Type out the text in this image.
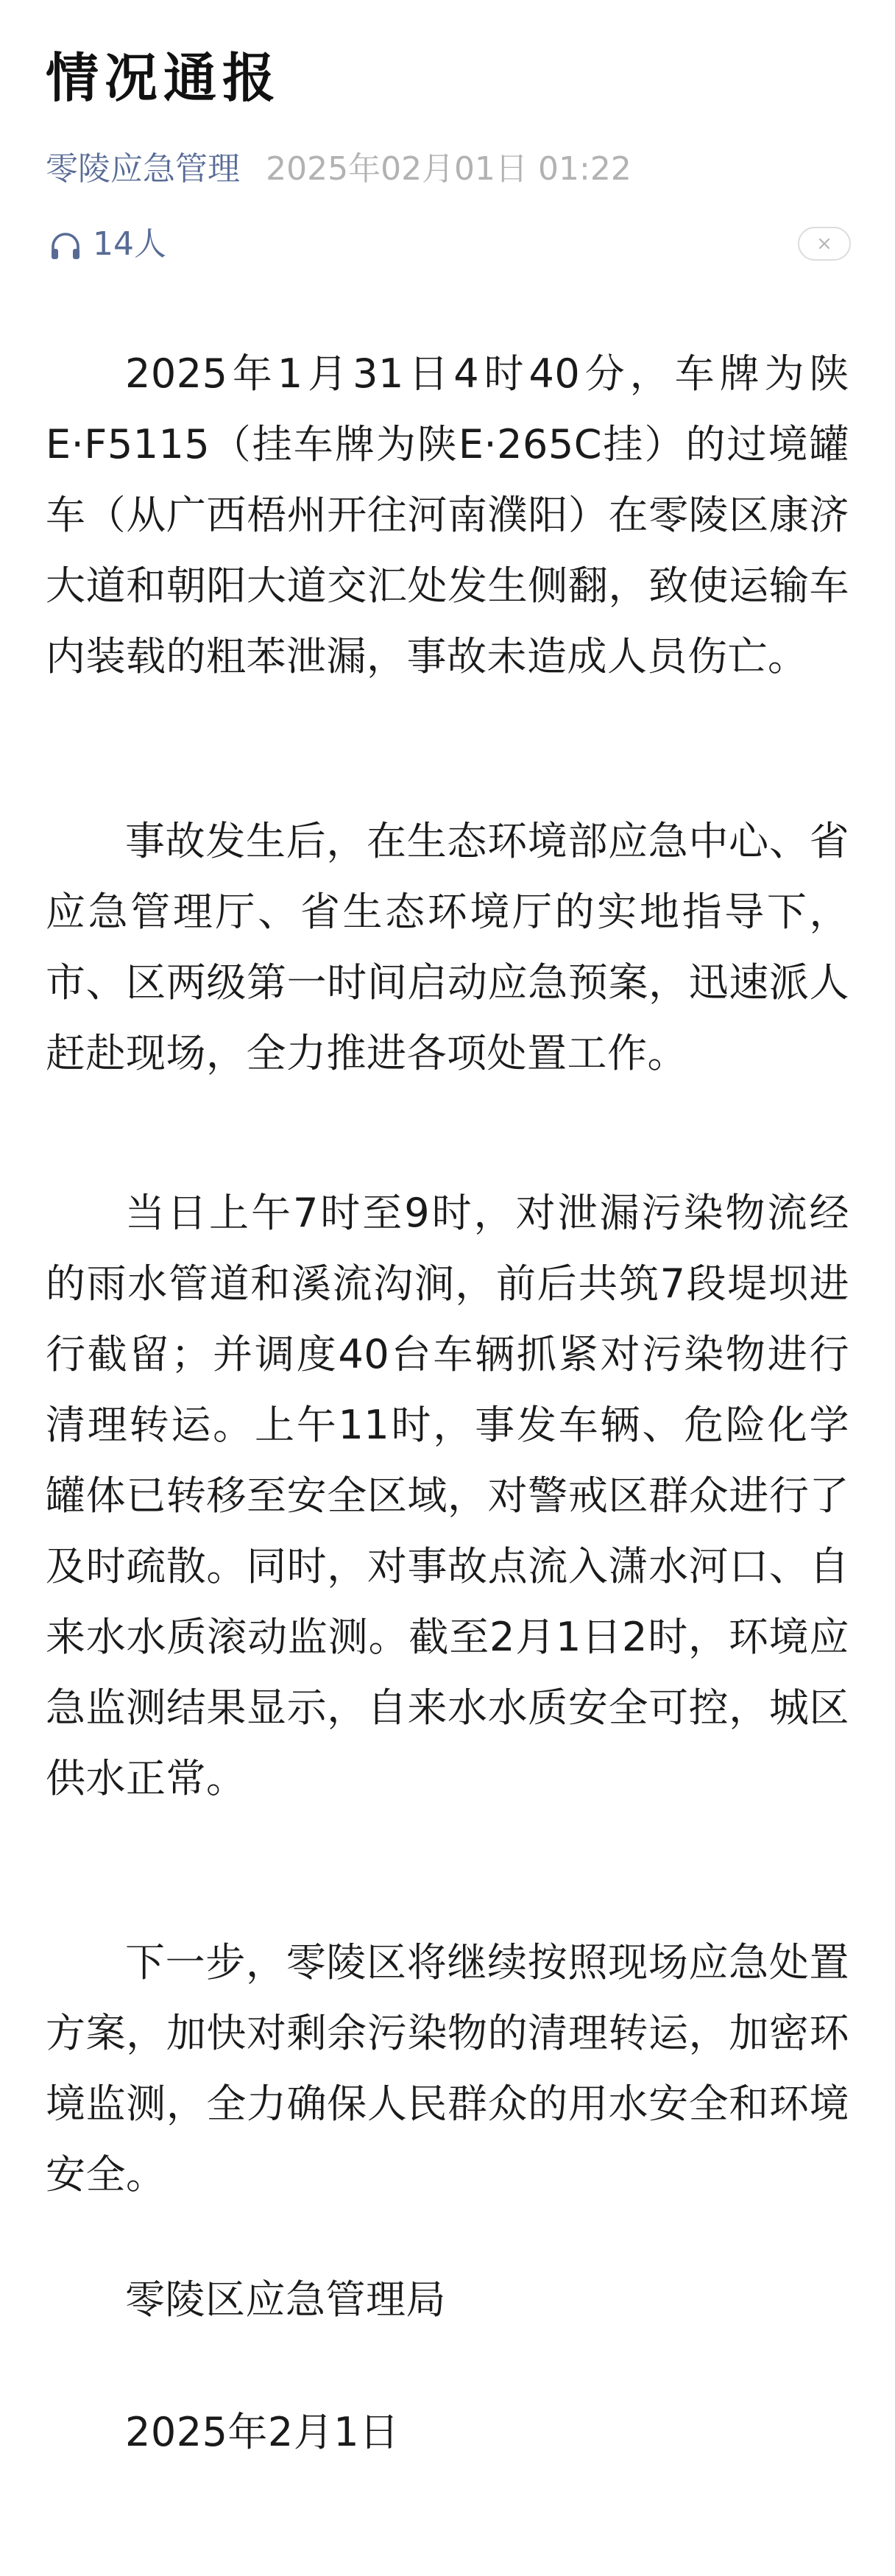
情况通报
零陵应急管理 2025年02月01日 01:22
14人

2025年1月31日4时40分，车牌为陕E·F5115（挂车牌为陕E·265C挂）的过境罐车（从广西梧州开往河南濮阳）在零陵区康济大道和朝阳大道交汇处发生侧翻，致使运输车内装载的粗苯泄漏，事故未造成人员伤亡。

事故发生后，在生态环境部应急中心、省应急管理厅、省生态环境厅的实地指导下，市、区两级第一时间启动应急预案，迅速派人赶赴现场，全力推进各项处置工作。

当日上午7时至9时，对泄漏污染物流经的雨水管道和溪流沟涧，前后共筑7段堤坝进行截留；并调度40台车辆抓紧对污染物进行清理转运。上午11时，事发车辆、危险化学罐体已转移至安全区域，对警戒区群众进行了及时疏散。同时，对事故点流入潇水河口、自来水水质滚动监测。截至2月1日2时，环境应急监测结果显示，自来水水质安全可控，城区供水正常。

下一步，零陵区将继续按照现场应急处置方案，加快对剩余污染物的清理转运，加密环境监测，全力确保人民群众的用水安全和环境安全。

零陵区应急管理局

2025年2月1日
